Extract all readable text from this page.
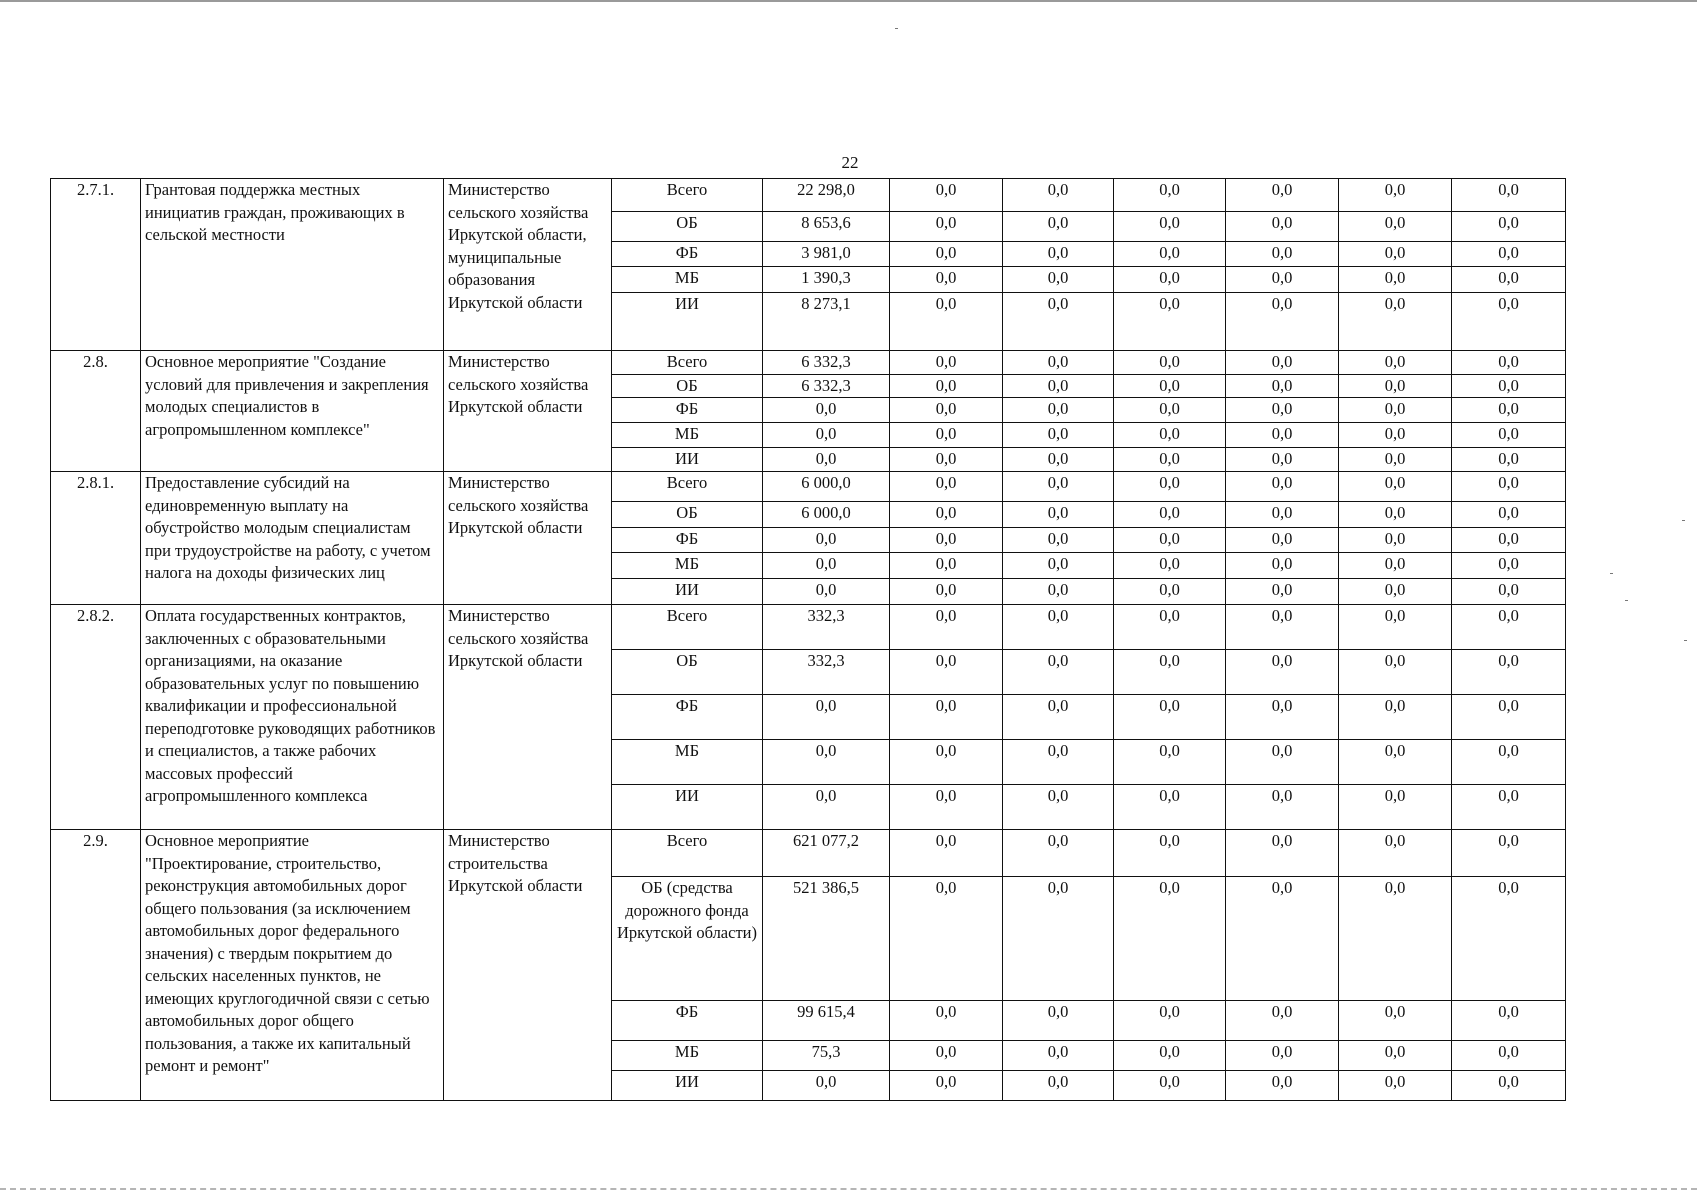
22
2.7.1.	Грантовая поддержка местных инициатив граждан, проживающих в сельской местности	Министерство сельского хозяйства Иркутской области, муниципальные образования Иркутской области	Всего	22 298,0	0,0	0,0	0,0	0,0	0,0	0,0
			ОБ	8 653,6	0,0	0,0	0,0	0,0	0,0	0,0
			ФБ	3 981,0	0,0	0,0	0,0	0,0	0,0	0,0
			МБ	1 390,3	0,0	0,0	0,0	0,0	0,0	0,0
			ИИ	8 273,1	0,0	0,0	0,0	0,0	0,0	0,0
2.8.	Основное мероприятие "Создание условий для привлечения и закрепления молодых специалистов в агропромышленном комплексе"	Министерство сельского хозяйства Иркутской области	Всего	6 332,3	0,0	0,0	0,0	0,0	0,0	0,0
			ОБ	6 332,3	0,0	0,0	0,0	0,0	0,0	0,0
			ФБ	0,0	0,0	0,0	0,0	0,0	0,0	0,0
			МБ	0,0	0,0	0,0	0,0	0,0	0,0	0,0
			ИИ	0,0	0,0	0,0	0,0	0,0	0,0	0,0
2.8.1.	Предоставление субсидий на единовременную выплату на обустройство молодым специалистам при трудоустройстве на работу, с учетом налога на доходы физических лиц	Министерство сельского хозяйства Иркутской области	Всего	6 000,0	0,0	0,0	0,0	0,0	0,0	0,0
			ОБ	6 000,0	0,0	0,0	0,0	0,0	0,0	0,0
			ФБ	0,0	0,0	0,0	0,0	0,0	0,0	0,0
			МБ	0,0	0,0	0,0	0,0	0,0	0,0	0,0
			ИИ	0,0	0,0	0,0	0,0	0,0	0,0	0,0
2.8.2.	Оплата государственных контрактов, заключенных с образовательными организациями, на оказание образовательных услуг по повышению квалификации и профессиональной переподготовке руководящих работников и специалистов, а также рабочих массовых профессий агропромышленного комплекса	Министерство сельского хозяйства Иркутской области	Всего	332,3	0,0	0,0	0,0	0,0	0,0	0,0
			ОБ	332,3	0,0	0,0	0,0	0,0	0,0	0,0
			ФБ	0,0	0,0	0,0	0,0	0,0	0,0	0,0
			МБ	0,0	0,0	0,0	0,0	0,0	0,0	0,0
			ИИ	0,0	0,0	0,0	0,0	0,0	0,0	0,0
2.9.	Основное мероприятие "Проектирование, строительство, реконструкция автомобильных дорог общего пользования (за исключением автомобильных дорог федерального значения) с твердым покрытием до сельских населенных пунктов, не имеющих круглогодичной связи с сетью автомобильных дорог общего пользования, а также их капитальный ремонт и ремонт"	Министерство строительства Иркутской области	Всего	621 077,2	0,0	0,0	0,0	0,0	0,0	0,0
			ОБ (средства дорожного фонда Иркутской области)	521 386,5	0,0	0,0	0,0	0,0	0,0	0,0
			ФБ	99 615,4	0,0	0,0	0,0	0,0	0,0	0,0
			МБ	75,3	0,0	0,0	0,0	0,0	0,0	0,0
			ИИ	0,0	0,0	0,0	0,0	0,0	0,0	0,0
